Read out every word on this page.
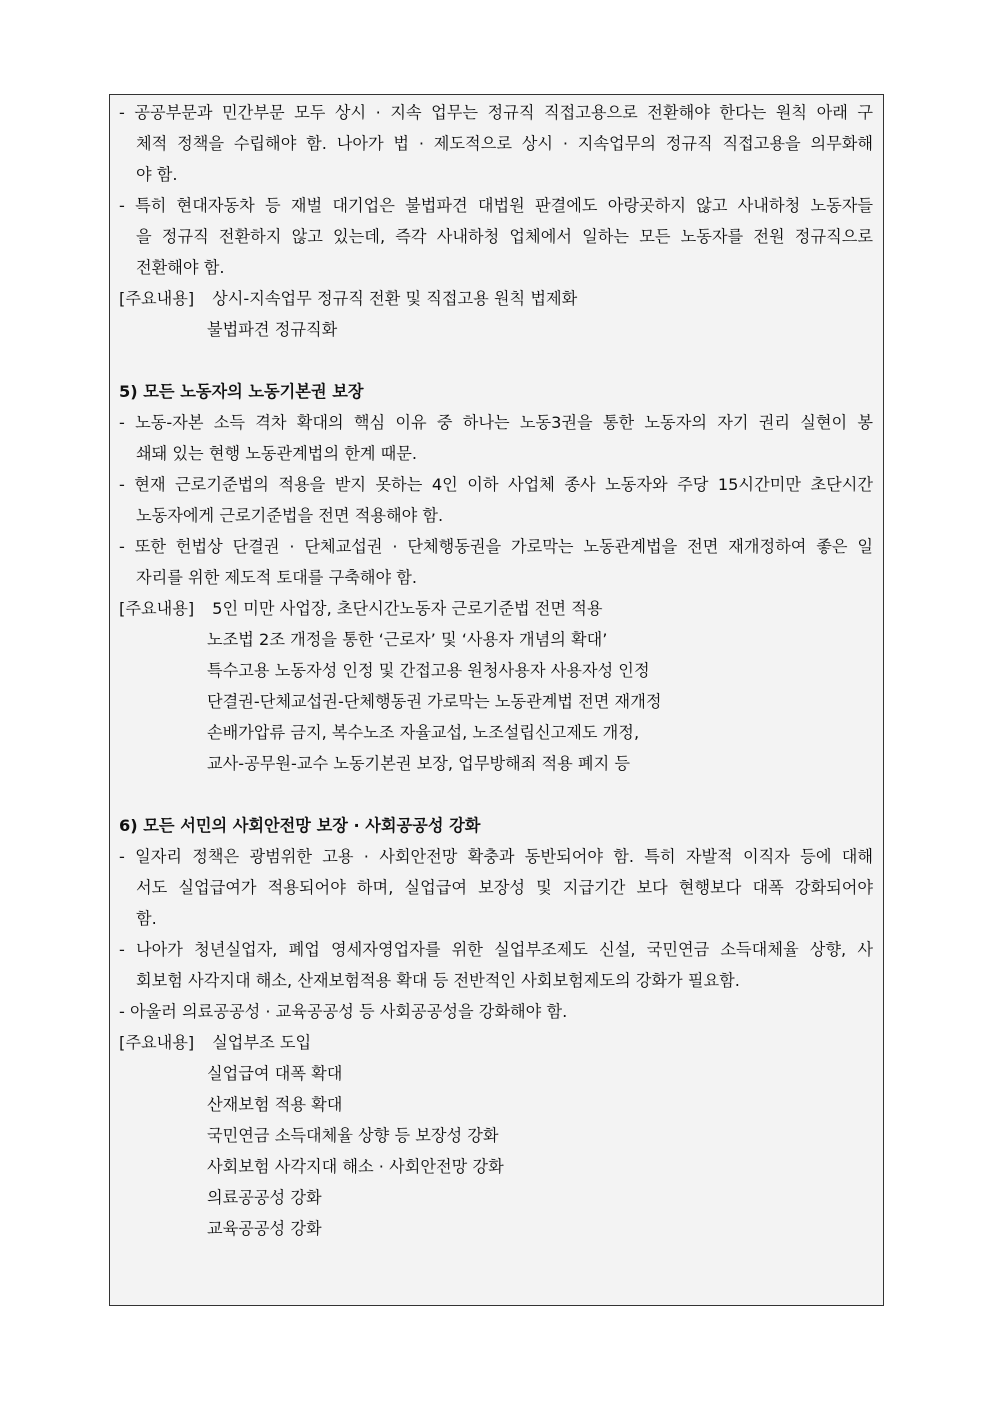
- 공공부문과 민간부문 모두 상시 · 지속 업무는 정규직 직접고용으로 전환해야 한다는 원칙 아래 구
체적 정책을 수립해야 함. 나아가 법 · 제도적으로 상시 · 지속업무의 정규직 직접고용을 의무화해
야 함.
- 특히 현대자동차 등 재벌 대기업은 불법파견 대법원 판결에도 아랑곳하지 않고 사내하청 노동자들
을 정규직 전환하지 않고 있는데, 즉각 사내하청 업체에서 일하는 모든 노동자를 전원 정규직으로
전환해야 함.
[주요내용] 상시-지속업무 정규직 전환 및 직접고용 원칙 법제화
불법파견 정규직화
5) 모든 노동자의 노동기본권 보장
- 노동-자본 소득 격차 확대의 핵심 이유 중 하나는 노동3권을 통한 노동자의 자기 권리 실현이 봉
쇄돼 있는 현행 노동관계법의 한계 때문.
- 현재 근로기준법의 적용을 받지 못하는 4인 이하 사업체 종사 노동자와 주당 15시간미만 초단시간
노동자에게 근로기준법을 전면 적용해야 함.
- 또한 헌법상 단결권 · 단체교섭권 · 단체행동권을 가로막는 노동관계법을 전면 재개정하여 좋은 일
자리를 위한 제도적 토대를 구축해야 함.
[주요내용] 5인 미만 사업장, 초단시간노동자 근로기준법 전면 적용
노조법 2조 개정을 통한 ‘근로자’ 및 ‘사용자 개념의 확대’
특수고용 노동자성 인정 및 간접고용 원청사용자 사용자성 인정
단결권-단체교섭권-단체행동권 가로막는 노동관계법 전면 재개정
손배가압류 금지, 복수노조 자율교섭, 노조설립신고제도 개정,
교사-공무원-교수 노동기본권 보장, 업무방해죄 적용 폐지 등
6) 모든 서민의 사회안전망 보장 · 사회공공성 강화
- 일자리 정책은 광범위한 고용 · 사회안전망 확충과 동반되어야 함. 특히 자발적 이직자 등에 대해
서도 실업급여가 적용되어야 하며, 실업급여 보장성 및 지급기간 보다 현행보다 대폭 강화되어야
함.
- 나아가 청년실업자, 폐업 영세자영업자를 위한 실업부조제도 신설, 국민연금 소득대체율 상향, 사
회보험 사각지대 해소, 산재보험적용 확대 등 전반적인 사회보험제도의 강화가 필요함.
- 아울러 의료공공성 · 교육공공성 등 사회공공성을 강화해야 함.
[주요내용] 실업부조 도입
실업급여 대폭 확대
산재보험 적용 확대
국민연금 소득대체율 상향 등 보장성 강화
사회보험 사각지대 해소 · 사회안전망 강화
의료공공성 강화
교육공공성 강화
